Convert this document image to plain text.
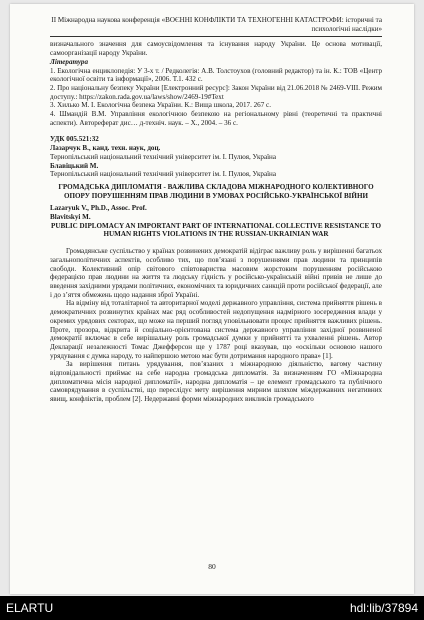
ІІ Міжнародна наукова конференція «ВОЄННІ КОНФЛІКТИ ТА ТЕХНОГЕННІ КАТАСТРОФИ: історичні та психологічні наслідки»
визначального значення для самоусвідомлення та існування народу України. Це основа мотивації, самоорганізації народу України.
Література
1. Екологічна енциклопедія: У 3-х т. / Редколегія: А.В. Толстоухов (головний редактор) та ін. К.: ТОВ «Центр екологічної освіти та інформації», 2006. Т.1. 432 с.
2. Про національну безпеку України [Електронний ресурс]: Закон України від 21.06.2018 № 2469-VIII. Режим доступу.: https://zakon.rada.gov.ua/laws/show/2469-19#Text
3. Хилько М. І. Екологічна безпека України. К.: Вища школа, 2017. 267 с.
4. Шмандій В.М. Управління екологічною безпекою на регіональному рівні (теоретичні та практичні аспекти). Автореферат дис… д-техніч. наук. – Х., 2004. – 36 с.
УДК 005.521:32
Лазарчук В., канд. техн. наук, доц.
Тернопільський національний технічний університет ім. І. Пулюя, Україна
Блавіцький М.
Тернопільський національний технічний університет ім. І. Пулюя, Україна
ГРОМАДСЬКА ДИПЛОМАТІЯ - ВАЖЛИВА СКЛАДОВА МІЖНАРОДНОГО КОЛЕКТИВНОГО ОПОРУ ПОРУШЕННЯМ ПРАВ ЛЮДИНИ В УМОВАХ РОСІЙСЬКО-УКРАЇНСЬКОЇ ВІЙНИ
Lazaryuk V., Ph.D., Assoc. Prof.
Blavitskyi M.
PUBLIC DIPLOMACY AN IMPORTANT PART OF INTERNATIONAL COLLECTIVE RESISTANCE TO HUMAN RIGHTS VIOLATIONS IN THE RUSSIAN-UKRAINIAN WAR
Громадянське суспільство у країнах розвинених демократій відіграє важливу роль у вирішенні багатьох загальнополітичних аспектів, особливо тих, що пов’язані з порушеннями прав людини та принципів свободи. Колективний опір світового співтовариства масовим жорстоким порушенням російською федерацією прав людини на життя та людську гідність у російсько-українській війні привів не лише до введення західними урядами політичних, економічних та юридичних санкцій проти російської федерації, але і до з’яття обмежень щодо надання зброї Україні.
На відміну від тоталітарної та авторитарної моделі державного управління, система прийняття рішень в демократичних розвинутих країнах має ряд особливостей недопущення надмірного зосередження влади у окремих урядових секторах, що може на перший погляд уповільнювати процес прийняття важливих рішень. Проте, прозора, відкрита й соціально-орієнтована система державного управління західної розвиненої демократії включає в себе вирішальну роль громадської думки у прийнятті та ухваленні рішень. Автор Декларації незалежності Томас Джефферсон ще у 1787 році вказував, що «оскільки основою нашого урядування є думка народу, то найпершою метою має бути дотримання народного права» [1].
За вирішення питань урядування, пов’язаних з міжнародною діяльністю, вагому частину відповідальності приймає на себе народна громадська дипломатія. За визначенням ГО «Міжнародна дипломатична місія народної дипломатії», народна дипломатія – це елемент громадського та публічного самоврядування в суспільстві, що переслідує мету вирішення мирним шляхом міждержавних негативних явищ, конфліктів, проблем [2]. Недержавні форми міжнародних викликів громадського
80
ELARTU	hdl:lib/37894
